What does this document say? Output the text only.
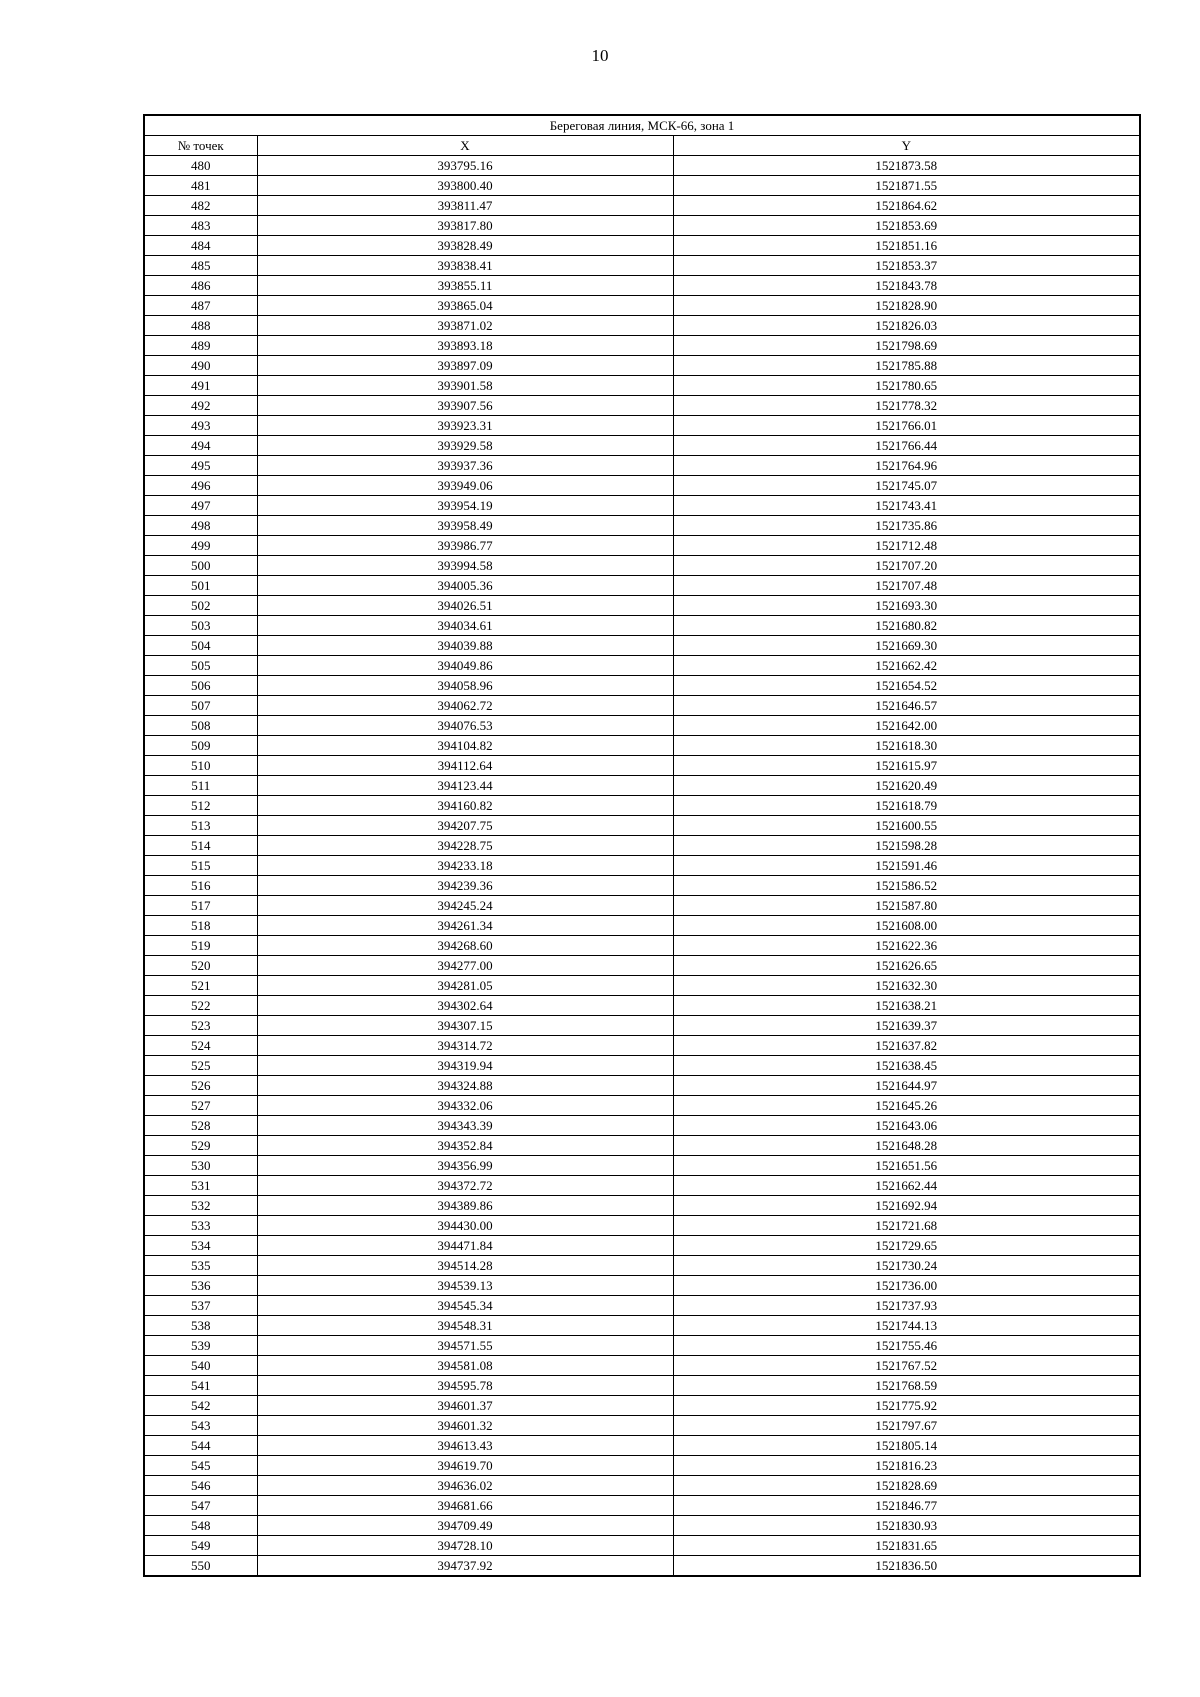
10
Береговая линия, МСК-66, зона 1		
№ точек	X	Y
480	393795.16	1521873.58
481	393800.40	1521871.55
482	393811.47	1521864.62
483	393817.80	1521853.69
484	393828.49	1521851.16
485	393838.41	1521853.37
486	393855.11	1521843.78
487	393865.04	1521828.90
488	393871.02	1521826.03
489	393893.18	1521798.69
490	393897.09	1521785.88
491	393901.58	1521780.65
492	393907.56	1521778.32
493	393923.31	1521766.01
494	393929.58	1521766.44
495	393937.36	1521764.96
496	393949.06	1521745.07
497	393954.19	1521743.41
498	393958.49	1521735.86
499	393986.77	1521712.48
500	393994.58	1521707.20
501	394005.36	1521707.48
502	394026.51	1521693.30
503	394034.61	1521680.82
504	394039.88	1521669.30
505	394049.86	1521662.42
506	394058.96	1521654.52
507	394062.72	1521646.57
508	394076.53	1521642.00
509	394104.82	1521618.30
510	394112.64	1521615.97
511	394123.44	1521620.49
512	394160.82	1521618.79
513	394207.75	1521600.55
514	394228.75	1521598.28
515	394233.18	1521591.46
516	394239.36	1521586.52
517	394245.24	1521587.80
518	394261.34	1521608.00
519	394268.60	1521622.36
520	394277.00	1521626.65
521	394281.05	1521632.30
522	394302.64	1521638.21
523	394307.15	1521639.37
524	394314.72	1521637.82
525	394319.94	1521638.45
526	394324.88	1521644.97
527	394332.06	1521645.26
528	394343.39	1521643.06
529	394352.84	1521648.28
530	394356.99	1521651.56
531	394372.72	1521662.44
532	394389.86	1521692.94
533	394430.00	1521721.68
534	394471.84	1521729.65
535	394514.28	1521730.24
536	394539.13	1521736.00
537	394545.34	1521737.93
538	394548.31	1521744.13
539	394571.55	1521755.46
540	394581.08	1521767.52
541	394595.78	1521768.59
542	394601.37	1521775.92
543	394601.32	1521797.67
544	394613.43	1521805.14
545	394619.70	1521816.23
546	394636.02	1521828.69
547	394681.66	1521846.77
548	394709.49	1521830.93
549	394728.10	1521831.65
550	394737.92	1521836.50
